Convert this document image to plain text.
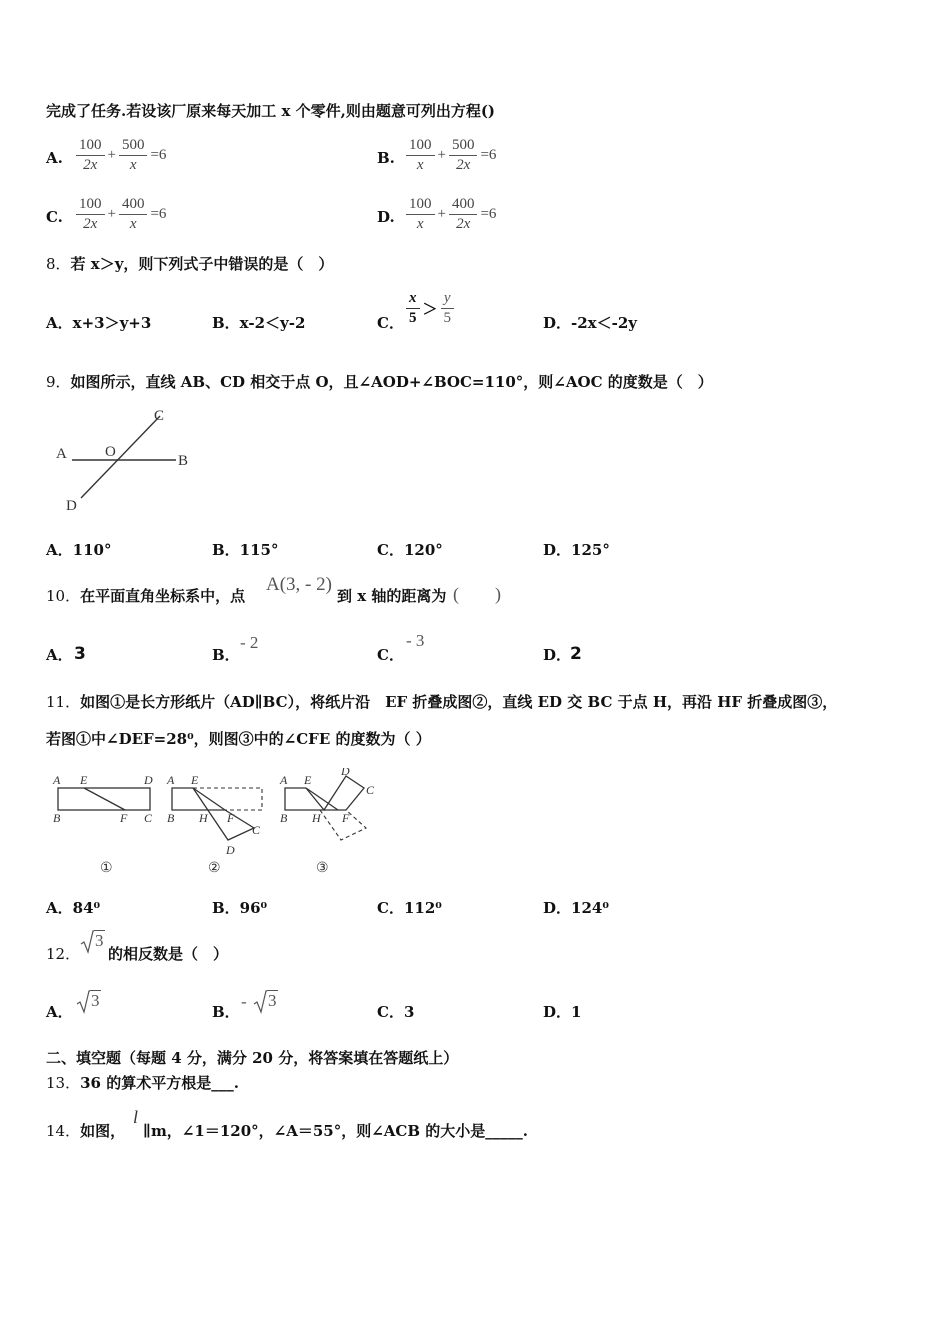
完成了任务.若设该厂原来每天加工 x 个零件,则由题意可列出方程()
A. $\frac{100}{2x} + \frac{500}{x} =6$	B. $\frac{100}{x} + \frac{500}{2x} =6$
C. $\frac{100}{2x} + \frac{400}{x} =6$	D. $\frac{100}{x} + \frac{400}{2x} =6$
8．若 x＞y，则下列式子中错误的是（　）
A．x+3＞y+3	B．x-2＜y-2	C． $\frac{x}{5} > \frac{y}{5}$	D．-2x＜-2y
9．如图所示，直线 AB、CD 相交于点 O，且∠AOD+∠BOC=110°，则∠AOC 的度数是（　）
A	O
B
C
D
A．110°	B．115°	C．120°	D．125°
10．在平面直角坐标系中，点
A(3, - 2)
到 x 轴的距离为 (　　)
A． 3	B．
- 2
C．
- 3
D．
2
11．如图①是长方形纸片（AD∥BC），将纸片沿　EF 折叠成图②，直线 ED 交 BC 于点 H，再沿 HF 折叠成图③，
若图①中∠DEF=28⁰，则图③中的∠CFE 的度数为（ ）
A E	D
B	F C
①
A E
B H F
C
D
②
A E
D
C
B H F
③
A．84⁰	B．96⁰	C．112⁰	D．124⁰
12．
3
的相反数是（　）
A．
3
B．
- 3
C．3	D．1
二、填空题（每题 4 分，满分 20 分，将答案填在答题纸上）
13．36 的算术平方根是___.
14．如图，
l
∥m，∠1＝120°，∠A＝55°，则∠ACB 的大小是_____.
